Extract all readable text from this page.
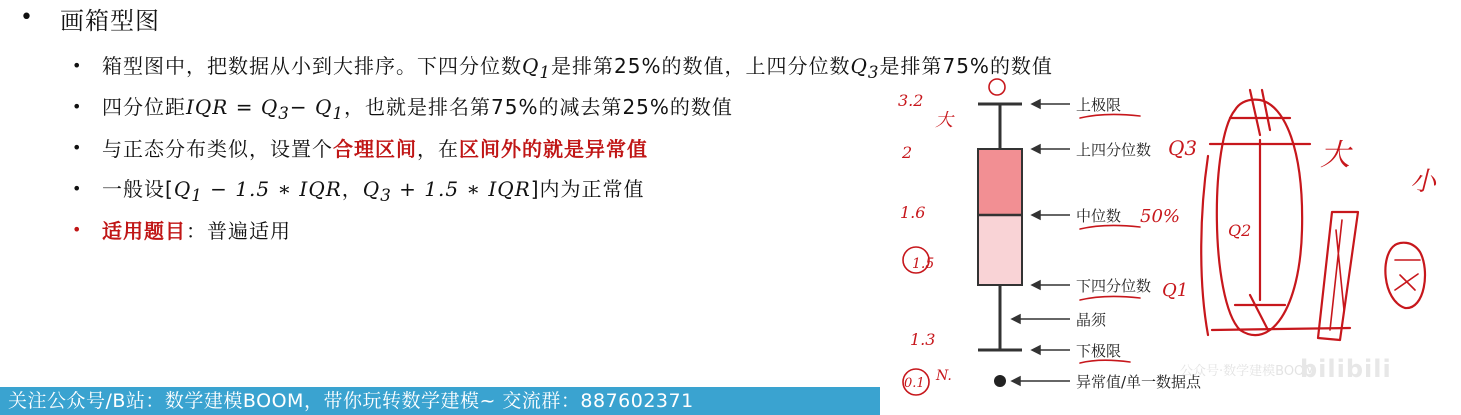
•	画箱型图
• 箱型图中，把数据从小到大排序。下四分位数$Q_1$是排第25%的数值，上四分位数$Q_3$是排第75%的数值
• 四分位距IQR = $Q_3- Q_1$，也就是排名第75%的减去第25%的数值
• 与正态分布类似，设置个合理区间，在区间外的就是异常值
• 一般设[$Q_1 - 1.5$ ∗ IQR，$Q_3 + 1.5$ ∗ IQR]内为正常值
• 适用题目：普遍适用
上极限
上四分位数
中位数
下四分位数
晶须
下极限
异常值/单一数据点
3.2
大
2
1.6
1.5
1.3
0.1 N.
Q3
50%
Q1
Q2
大
小
公众号·数学建模BOOM
bilibili
关注公众号/B站：数学建模BOOM，带你玩转数学建模~ 交流群：887602371
